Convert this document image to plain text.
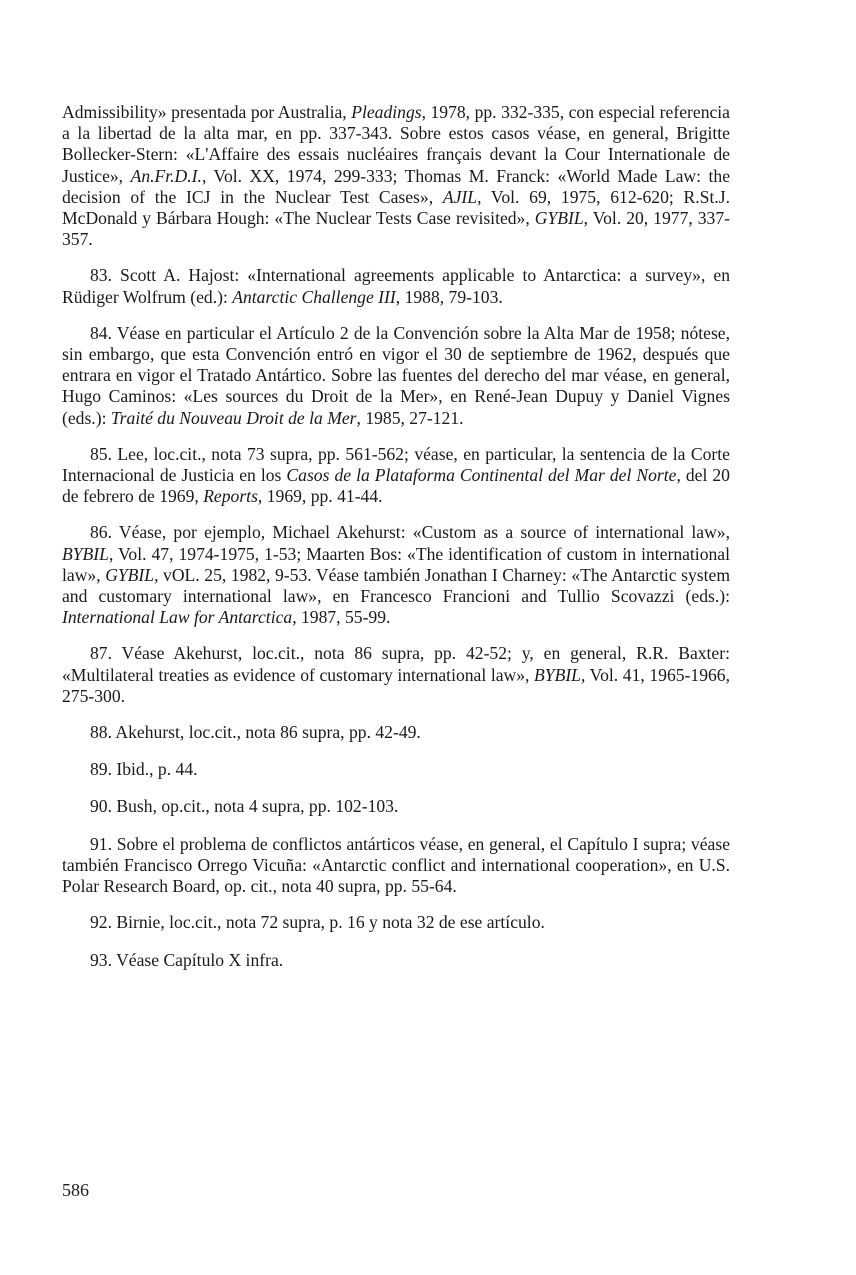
Admissibility» presentada por Australia, Pleadings, 1978, pp. 332-335, con especial referencia a la libertad de la alta mar, en pp. 337-343. Sobre estos casos véase, en general, Brigitte Bollecker-Stern: «L'Affaire des essais nucléaires français devant la Cour Internationale de Justice», An.Fr.D.I., Vol. XX, 1974, 299-333; Thomas M. Franck: «World Made Law: the decision of the ICJ in the Nuclear Test Cases», AJIL, Vol. 69, 1975, 612-620; R.St.J. McDonald y Bárbara Hough: «The Nuclear Tests Case revisited», GYBIL, Vol. 20, 1977, 337-357.

83. Scott A. Hajost: «International agreements applicable to Antarctica: a survey», en Rüdiger Wolfrum (ed.): Antarctic Challenge III, 1988, 79-103.

84. Véase en particular el Artículo 2 de la Convención sobre la Alta Mar de 1958; nótese, sin embargo, que esta Convención entró en vigor el 30 de septiembre de 1962, después que entrara en vigor el Tratado Antártico. Sobre las fuentes del derecho del mar véase, en general, Hugo Caminos: «Les sources du Droit de la Mer», en René-Jean Dupuy y Daniel Vignes (eds.): Traité du Nouveau Droit de la Mer, 1985, 27-121.

85. Lee, loc.cit., nota 73 supra, pp. 561-562; véase, en particular, la sentencia de la Corte Internacional de Justicia en los Casos de la Plataforma Continental del Mar del Norte, del 20 de febrero de 1969, Reports, 1969, pp. 41-44.

86. Véase, por ejemplo, Michael Akehurst: «Custom as a source of international law», BYBIL, Vol. 47, 1974-1975, 1-53; Maarten Bos: «The identification of custom in international law», GYBIL, vOL. 25, 1982, 9-53. Véase también Jonathan I Charney: «The Antarctic system and customary international law», en Francesco Francioni and Tullio Scovazzi (eds.): International Law for Antarctica, 1987, 55-99.

87. Véase Akehurst, loc.cit., nota 86 supra, pp. 42-52; y, en general, R.R. Baxter: «Multilateral treaties as evidence of customary international law», BYBIL, Vol. 41, 1965-1966, 275-300.

88. Akehurst, loc.cit., nota 86 supra, pp. 42-49.

89. Ibid., p. 44.

90. Bush, op.cit., nota 4 supra, pp. 102-103.

91. Sobre el problema de conflictos antárticos véase, en general, el Capítulo I supra; véase también Francisco Orrego Vicuña: «Antarctic conflict and international cooperation», en U.S. Polar Research Board, op. cit., nota 40 supra, pp. 55-64.

92. Birnie, loc.cit., nota 72 supra, p. 16 y nota 32 de ese artículo.

93. Véase Capítulo X infra.

586
